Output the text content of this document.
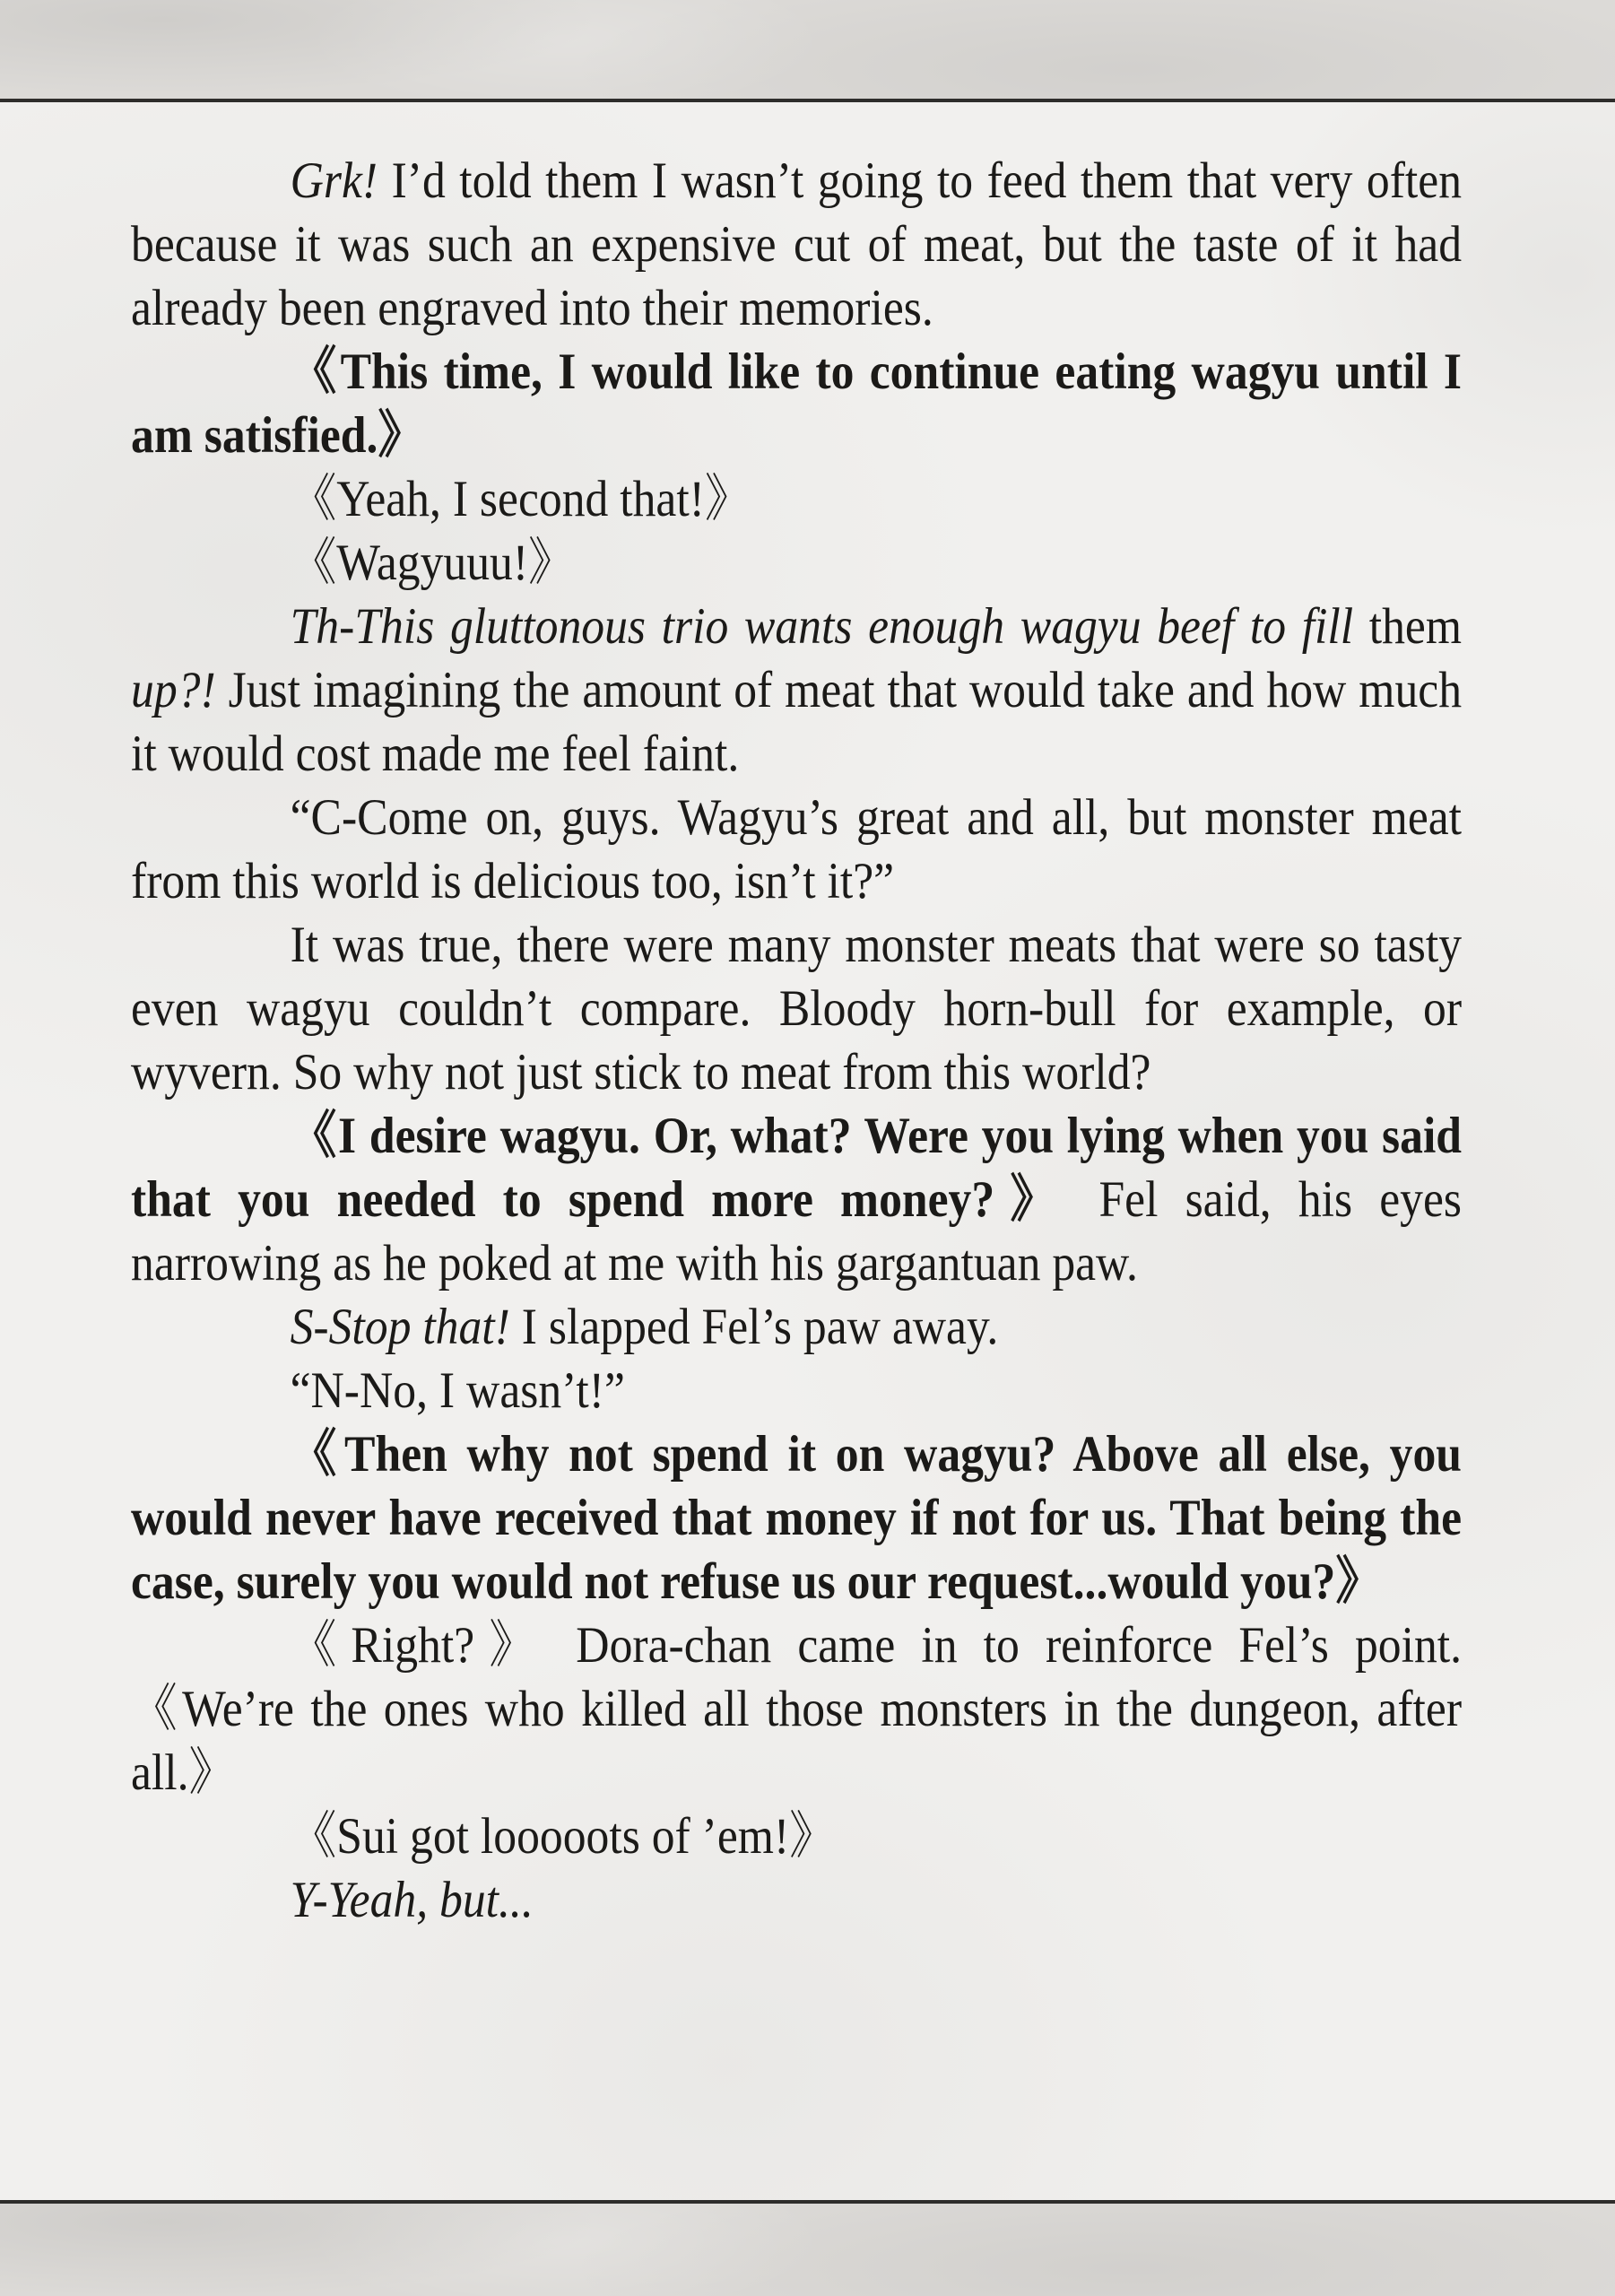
Grk! I’d told them I wasn’t going to feed them that very often because it was such an expensive cut of meat, but the taste of it had already been engraved into their memories.

《This time, I would like to continue eating wagyu until I am satisfied.》

《Yeah, I second that!》

《Wagyuuu!》

Th-This gluttonous trio wants enough wagyu beef to fill them up?! Just imagining the amount of meat that would take and how much it would cost made me feel faint.

“C-Come on, guys. Wagyu’s great and all, but monster meat from this world is delicious too, isn’t it?”

It was true, there were many monster meats that were so tasty even wagyu couldn’t compare. Bloody horn-bull for example, or wyvern. So why not just stick to meat from this world?

《I desire wagyu. Or, what? Were you lying when you said that you needed to spend more money?》 Fel said, his eyes narrowing as he poked at me with his gargantuan paw.

S-Stop that! I slapped Fel’s paw away.

“N-No, I wasn’t!”

《Then why not spend it on wagyu? Above all else, you would never have received that money if not for us. That being the case, surely you would not refuse us our request...would you?》

《Right?》 Dora-chan came in to reinforce Fel’s point. 《We’re the ones who killed all those monsters in the dungeon, after all.》

《Sui got looooots of ’em!》

Y-Yeah, but...
